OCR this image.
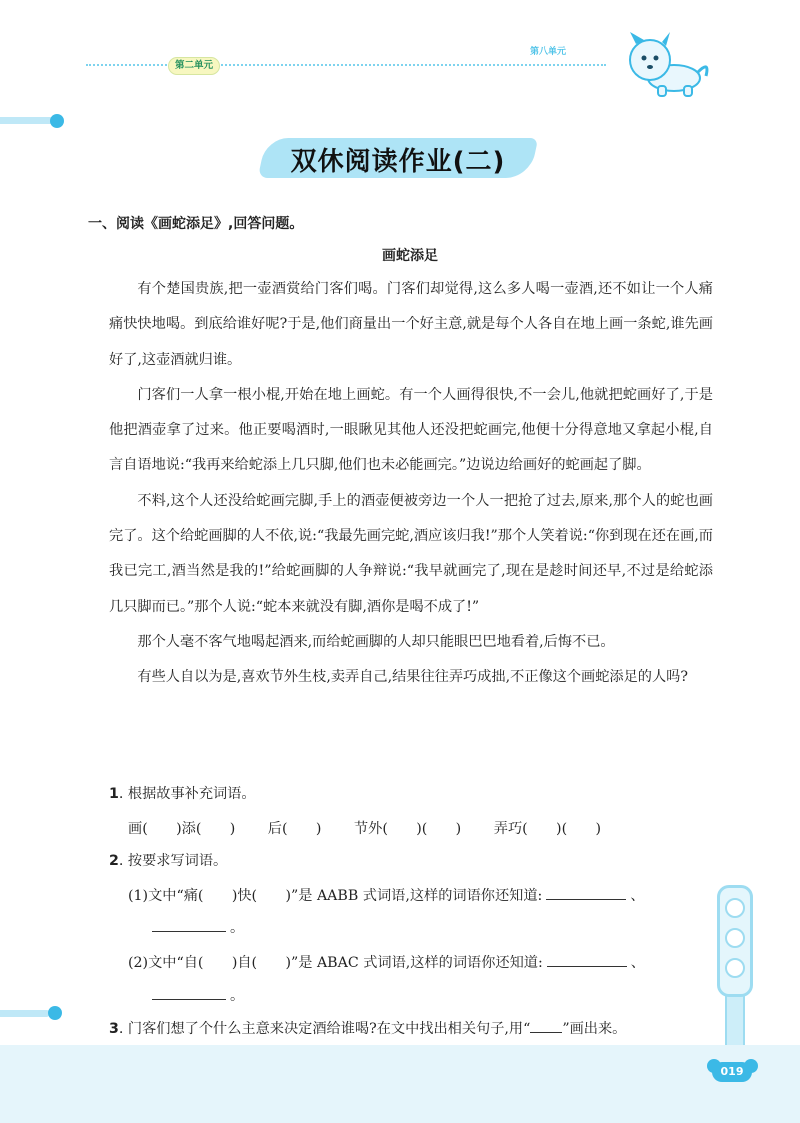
第二单元
第八单元
双休阅读作业(二)
一、阅读《画蛇添足》,回答问题。
画蛇添足

有个楚国贵族,把一壶酒赏给门客们喝。门客们却觉得,这么多人喝一壶酒,还不如让一个人痛痛快快地喝。到底给谁好呢?于是,他们商量出一个好主意,就是每个人各自在地上画一条蛇,谁先画好了,这壶酒就归谁。

门客们一人拿一根小棍,开始在地上画蛇。有一个人画得很快,不一会儿,他就把蛇画好了,于是他把酒壶拿了过来。他正要喝酒时,一眼瞅见其他人还没把蛇画完,他便十分得意地又拿起小棍,自言自语地说:“我再来给蛇添上几只脚,他们也未必能画完。”边说边给画好的蛇画起了脚。

不料,这个人还没给蛇画完脚,手上的酒壶便被旁边一个人一把抢了过去,原来,那个人的蛇也画完了。这个给蛇画脚的人不依,说:“我最先画完蛇,酒应该归我!”那个人笑着说:“你到现在还在画,而我已完工,酒当然是我的!”给蛇画脚的人争辩说:“我早就画完了,现在是趁时间还早,不过是给蛇添几只脚而已。”那个人说:“蛇本来就没有脚,酒你是喝不成了!”

那个人毫不客气地喝起酒来,而给蛇画脚的人却只能眼巴巴地看着,后悔不已。

有些人自以为是,喜欢节外生枝,卖弄自己,结果往往弄巧成拙,不正像这个画蛇添足的人吗?

1. 根据故事补充词语。
画(　　)添(　　) 后(　　) 节外(　　)(　　) 弄巧(　　)(　　)
2. 按要求写词语。
(1)文中“痛(　　)快(　　)”是 AABB 式词语,这样的词语你还知道:	、
。
(2)文中“自(　　)自(　　)”是 ABAC 式词语,这样的词语你还知道:	、
。
3. 门客们想了个什么主意来决定酒给谁喝?在文中找出相关句子,用“ ”画出来。
019
